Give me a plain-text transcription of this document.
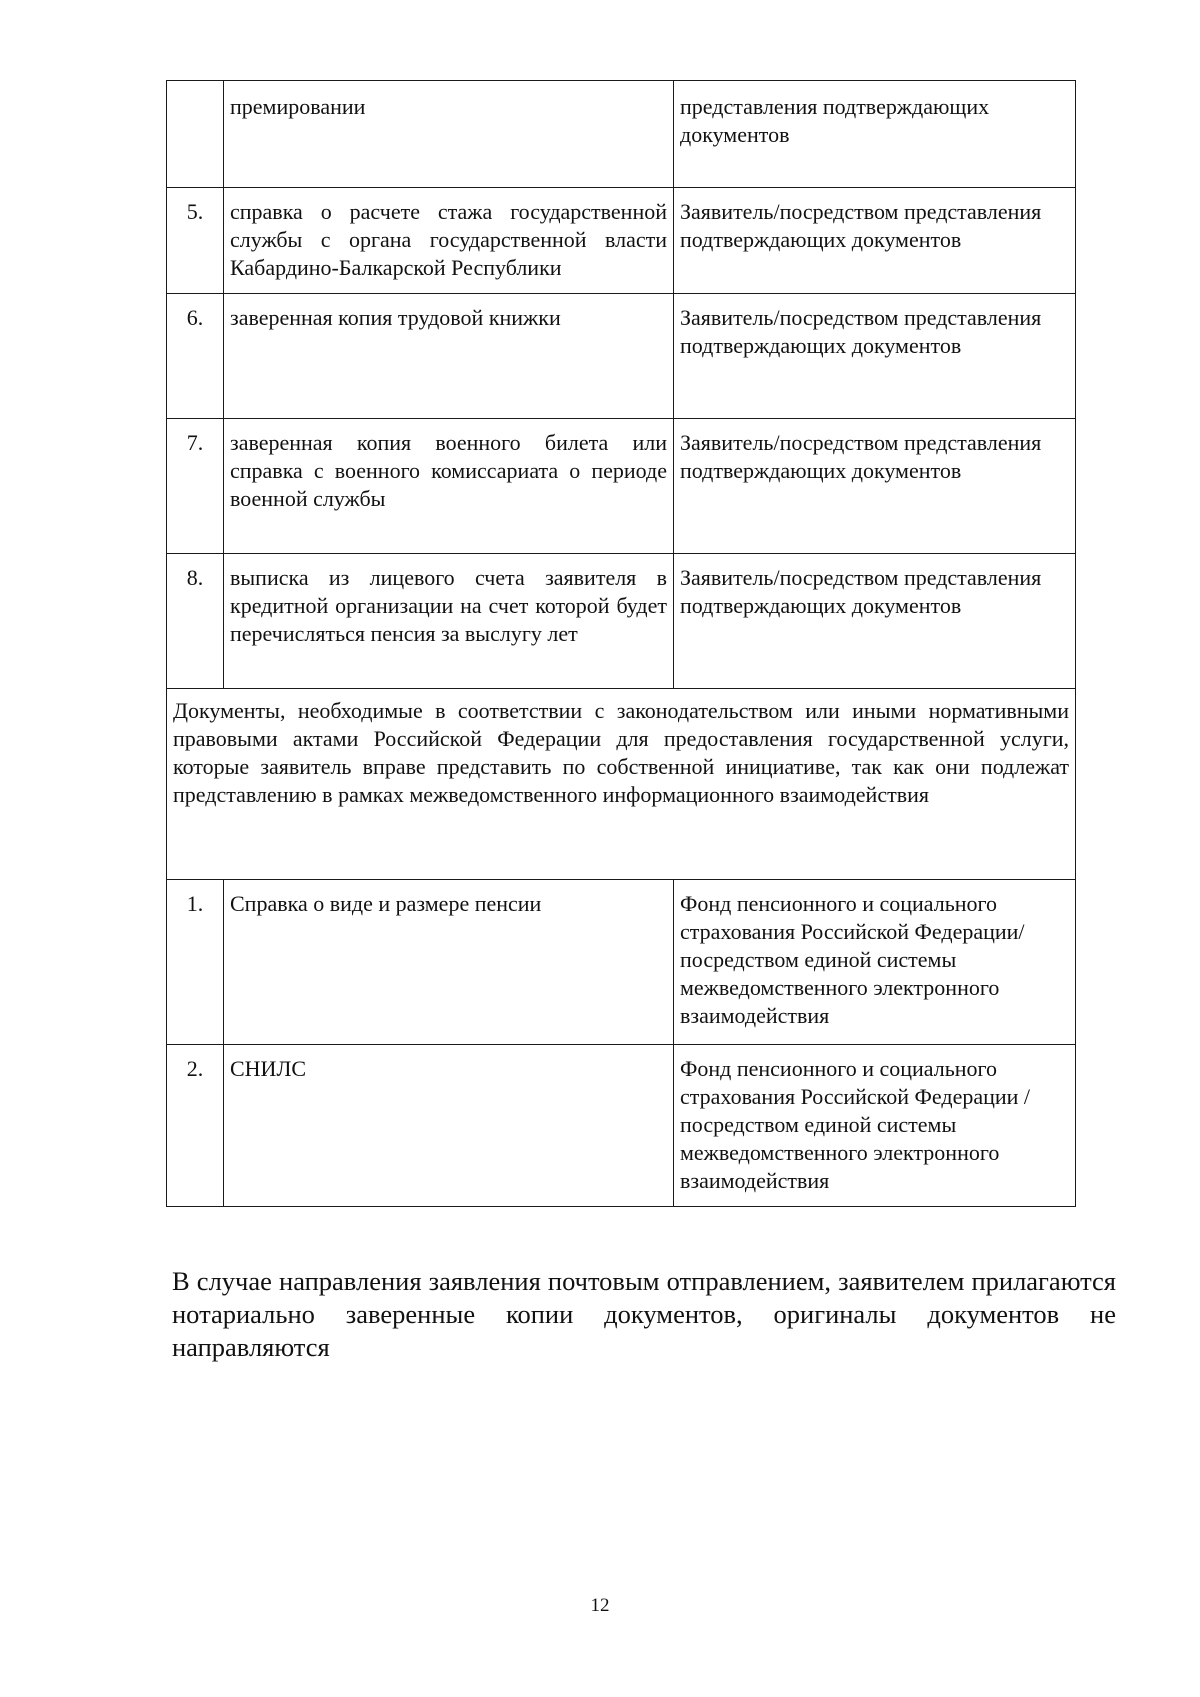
	премировании	представления подтверждающих документов

5.	справка о расчете стажа государственной службы с органа государственной власти Кабардино-Балкарской Республики	Заявитель/посредством представления подтверждающих документов

6.	заверенная копия трудовой книжки	Заявитель/посредством представления подтверждающих документов

7.	заверенная копия военного билета или справка с военного комиссариата о периоде военной службы	Заявитель/посредством представления подтверждающих документов

8.	выписка из лицевого счета заявителя в кредитной организации на счет которой будет перечисляться пенсия за выслугу лет	Заявитель/посредством представления подтверждающих документов

Документы, необходимые в соответствии с законодательством или иными нормативными правовыми актами Российской Федерации для предоставления государственной услуги, которые заявитель вправе представить по собственной инициативе, так как они подлежат представлению в рамках межведомственного информационного взаимодействия		

1.	Справка о виде и размере пенсии	Фонд пенсионного и социального страхования Российской Федерации/ посредством единой системы межведомственного электронного взаимодействия

2.	СНИЛС	Фонд пенсионного и социального страхования Российской Федерации /посредством единой системы межведомственного электронного взаимодействия

В случае направления заявления почтовым отправлением, заявителем прилагаются нотариально заверенные копии документов, оригиналы документов не направляются

12
